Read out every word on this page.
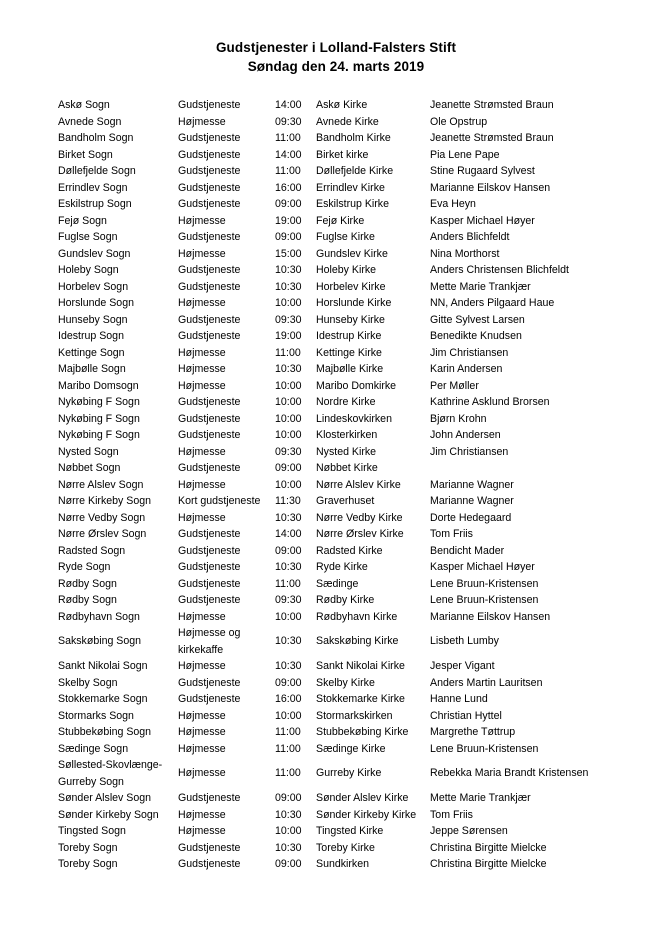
Gudstjenester i Lolland-Falsters Stift
Søndag den 24. marts 2019
Askø Sogn	Gudstjeneste	14:00	Askø Kirke	Jeanette Strømsted Braun
Avnede Sogn	Højmesse	09:30	Avnede Kirke	Ole Opstrup
Bandholm Sogn	Gudstjeneste	11:00	Bandholm Kirke	Jeanette Strømsted Braun
Birket Sogn	Gudstjeneste	14:00	Birket kirke	Pia Lene Pape
Døllefjelde Sogn	Gudstjeneste	11:00	Døllefjelde Kirke	Stine Rugaard Sylvest
Errindlev Sogn	Gudstjeneste	16:00	Errindlev Kirke	Marianne Eilskov Hansen
Eskilstrup Sogn	Gudstjeneste	09:00	Eskilstrup Kirke	Eva Heyn
Fejø Sogn	Højmesse	19:00	Fejø Kirke	Kasper Michael Høyer
Fuglse Sogn	Gudstjeneste	09:00	Fuglse Kirke	Anders Blichfeldt
Gundslev Sogn	Højmesse	15:00	Gundslev Kirke	Nina Morthorst
Holeby Sogn	Gudstjeneste	10:30	Holeby Kirke	Anders Christensen Blichfeldt
Horbelev Sogn	Gudstjeneste	10:30	Horbelev Kirke	Mette Marie Trankjær
Horslunde Sogn	Højmesse	10:00	Horslunde Kirke	NN, Anders Pilgaard Haue
Hunseby Sogn	Gudstjeneste	09:30	Hunseby Kirke	Gitte Sylvest Larsen
Idestrup Sogn	Gudstjeneste	19:00	Idestrup Kirke	Benedikte Knudsen
Kettinge Sogn	Højmesse	11:00	Kettinge Kirke	Jim Christiansen
Majbølle Sogn	Højmesse	10:30	Majbølle Kirke	Karin Andersen
Maribo Domsogn	Højmesse	10:00	Maribo Domkirke	Per Møller
Nykøbing F Sogn	Gudstjeneste	10:00	Nordre Kirke	Kathrine Asklund Brorsen
Nykøbing F Sogn	Gudstjeneste	10:00	Lindeskovkirken	Bjørn Krohn
Nykøbing F Sogn	Gudstjeneste	10:00	Klosterkirken	John Andersen
Nysted Sogn	Højmesse	09:30	Nysted Kirke	Jim Christiansen
Nøbbet Sogn	Gudstjeneste	09:00	Nøbbet Kirke	
Nørre Alslev Sogn	Højmesse	10:00	Nørre Alslev Kirke	Marianne Wagner
Nørre Kirkeby Sogn	Kort gudstjeneste	11:30	Graverhuset	Marianne Wagner
Nørre Vedby Sogn	Højmesse	10:30	Nørre Vedby Kirke	Dorte Hedegaard
Nørre Ørslev Sogn	Gudstjeneste	14:00	Nørre Ørslev Kirke	Tom Friis
Radsted Sogn	Gudstjeneste	09:00	Radsted Kirke	Bendicht Mader
Ryde Sogn	Gudstjeneste	10:30	Ryde Kirke	Kasper Michael Høyer
Rødby Sogn	Gudstjeneste	11:00	Sædinge	Lene Bruun-Kristensen
Rødby Sogn	Gudstjeneste	09:30	Rødby Kirke	Lene Bruun-Kristensen
Rødbyhavn Sogn	Højmesse	10:00	Rødbyhavn Kirke	Marianne Eilskov Hansen
Sakskøbing Sogn	Højmesse og kirkekaffe	10:30	Sakskøbing Kirke	Lisbeth Lumby
Sankt Nikolai Sogn	Højmesse	10:30	Sankt Nikolai Kirke	Jesper Vigant
Skelby Sogn	Gudstjeneste	09:00	Skelby Kirke	Anders Martin Lauritsen
Stokkemarke Sogn	Gudstjeneste	16:00	Stokkemarke Kirke	Hanne Lund
Stormarks Sogn	Højmesse	10:00	Stormarkskirken	Christian Hyttel
Stubbekøbing Sogn	Højmesse	11:00	Stubbekøbing Kirke	Margrethe Tøttrup
Sædinge Sogn	Højmesse	11:00	Sædinge Kirke	Lene Bruun-Kristensen
Søllested-Skovlænge-Gurreby Sogn	Højmesse	11:00	Gurreby Kirke	Rebekka Maria Brandt Kristensen
Sønder Alslev Sogn	Gudstjeneste	09:00	Sønder Alslev Kirke	Mette Marie Trankjær
Sønder Kirkeby Sogn	Højmesse	10:30	Sønder Kirkeby Kirke	Tom Friis
Tingsted Sogn	Højmesse	10:00	Tingsted Kirke	Jeppe Sørensen
Toreby Sogn	Gudstjeneste	10:30	Toreby Kirke	Christina Birgitte Mielcke
Toreby Sogn	Gudstjeneste	09:00	Sundkirken	Christina Birgitte Mielcke
